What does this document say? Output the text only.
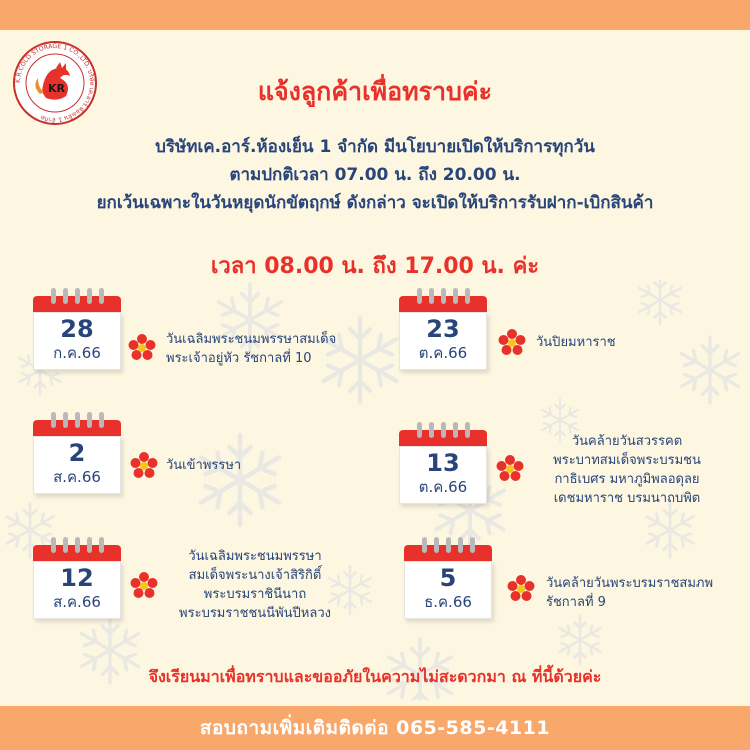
K.R.COLD STORAGE 1 CO.,LTD. บริษัท เค.อาร์.ห้องเย็น 1 จำกัด
KR	แจ้งลูกค้าเพื่อทราบค่ะ
บริษัทเค.อาร์.ห้องเย็น 1 จำกัด มีนโยบายเปิดให้บริการทุกวัน
ตามปกติเวลา 07.00 น. ถึง 20.00 น.
ยกเว้นเฉพาะในวันหยุดนักขัตฤกษ์ ดังกล่าว จะเปิดให้บริการรับฝาก-เบิกสินค้า
เวลา 08.00 น. ถึง 17.00 น. ค่ะ
28
ก.ค.66
วันเฉลิมพระชนมพรรษาสมเด็จ
พระเจ้าอยู่หัว รัชกาลที่ 10
23
ต.ค.66
วันปิยมหาราช
2
ส.ค.66
วันเข้าพรรษา	13
ต.ค.66
วันคล้ายวันสวรรคต
พระบาทสมเด็จพระบรมชน
กาธิเบศร มหาภูมิพลอดุลย
เดชมหาราช บรมนาถบพิต
12
ส.ค.66
วันเฉลิมพระชนมพรรษา
สมเด็จพระนางเจ้าสิริกิติ์
พระบรมราชินีนาถ
พระบรมราชชนนีพันปีหลวง
5
ธ.ค.66
วันคล้ายวันพระบรมราชสมภพ
รัชกาลที่ 9
จึงเรียนมาเพื่อทราบและขออภัยในความไม่สะดวกมา ณ ที่นี้ด้วยค่ะ
สอบถามเพิ่มเติมติดต่อ 065-585-4111
